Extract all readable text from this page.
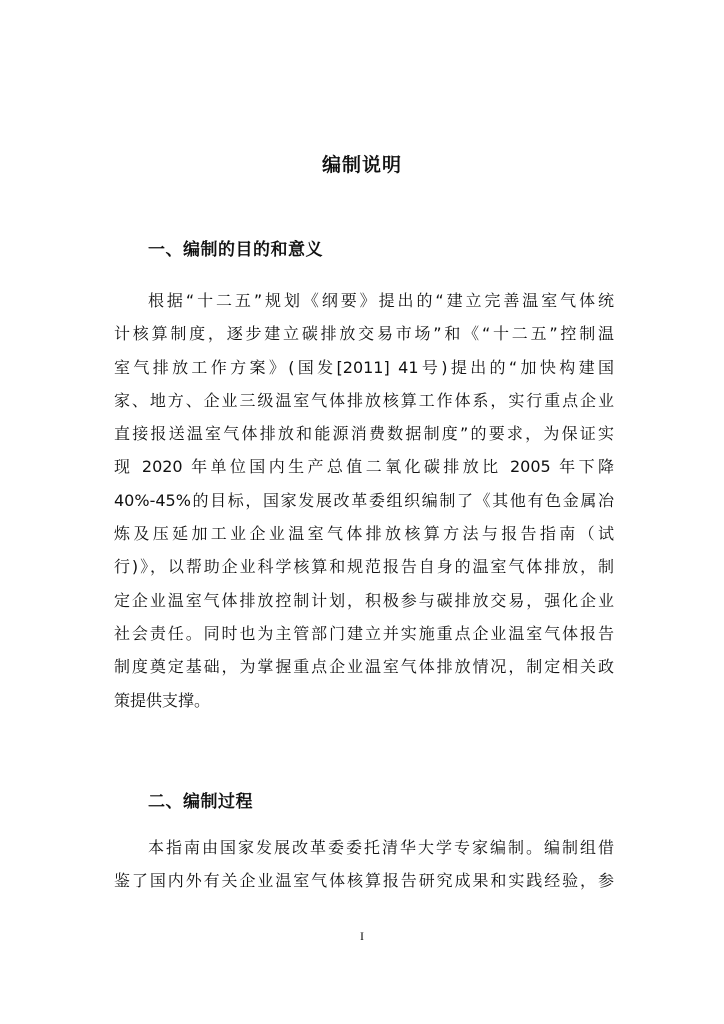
编制说明
一、编制的目的和意义
根据“十二五”规划《纲要》提出的“建立完善温室气体统
计核算制度，逐步建立碳排放交易市场”和《“十二五”控制温
室气排放工作方案》(国发[2011] 41号)提出的“加快构建国
家、地方、企业三级温室气体排放核算工作体系，实行重点企业
直接报送温室气体排放和能源消费数据制度”的要求，为保证实
现 2020 年单位国内生产总值二氧化碳排放比 2005 年下降
40%-45%的目标，国家发展改革委组织编制了《其他有色金属冶
炼及压延加工业企业温室气体排放核算方法与报告指南（试
行)》，以帮助企业科学核算和规范报告自身的温室气体排放，制
定企业温室气体排放控制计划，积极参与碳排放交易，强化企业
社会责任。同时也为主管部门建立并实施重点企业温室气体报告
制度奠定基础，为掌握重点企业温室气体排放情况，制定相关政
策提供支撑。
二、编制过程
本指南由国家发展改革委委托清华大学专家编制。编制组借
鉴了国内外有关企业温室气体核算报告研究成果和实践经验，参

I
